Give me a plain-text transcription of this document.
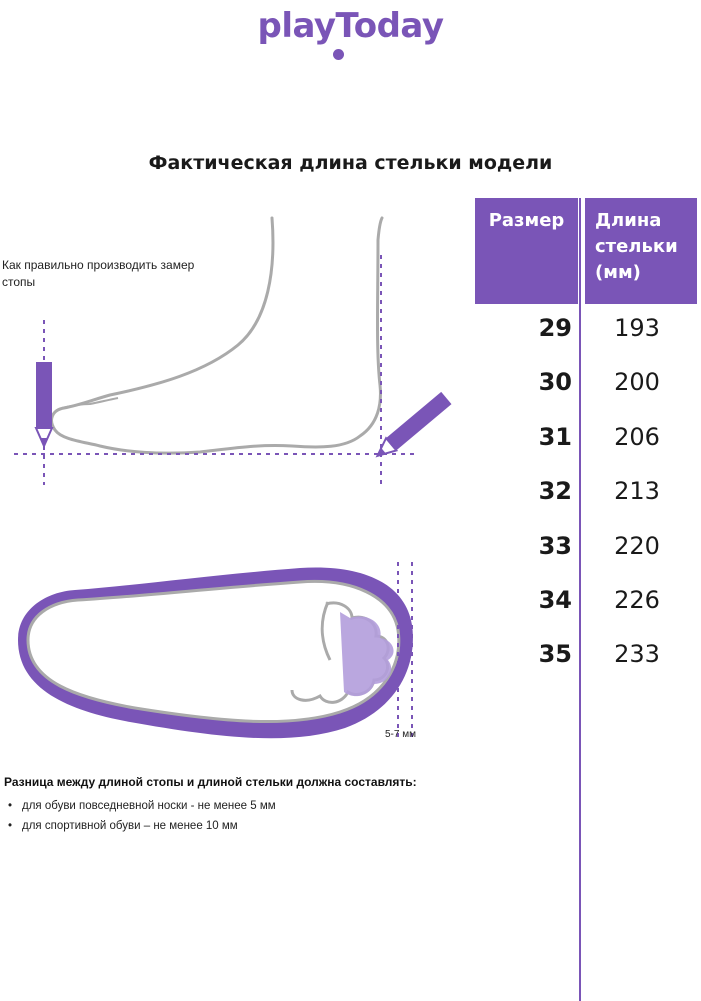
playToday
Фактическая длина стельки модели
Как правильно производить замер стопы
5-7 мм
Размер	Длина стельки (мм)
29	193
30	200
31	206
32	213
33	220
34	226
35	233
Разница между длиной стопы и длиной стельки должна составлять:
• для обуви повседневной носки - не менее 5 мм
• для спортивной обуви – не менее 10 мм
